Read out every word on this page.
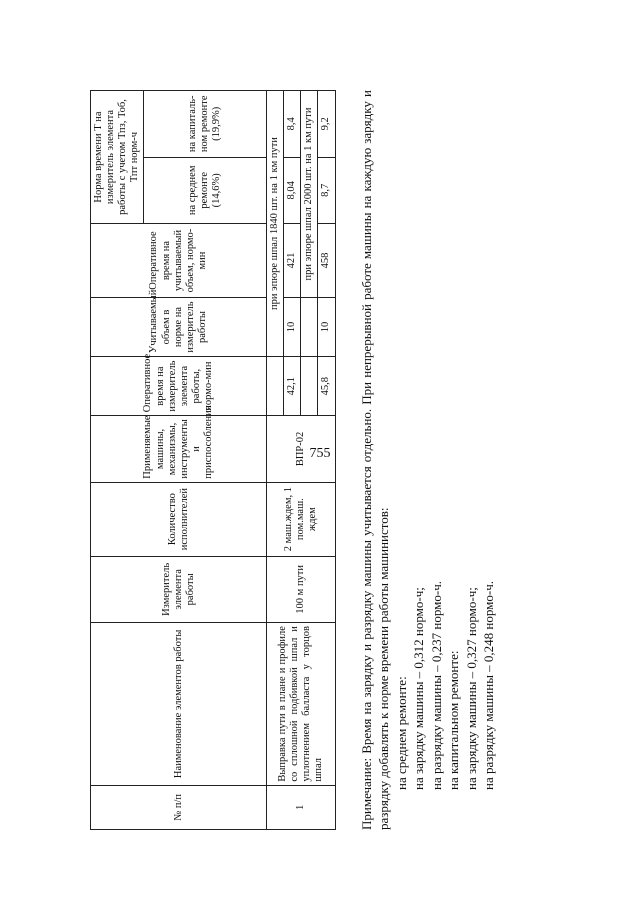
755
№ п/п	Наименование элементов работы	Измеритель элемента работы	Количество исполнителей	Применяемые машины, механизмы, инструменты и приспособления	Оперативное время на измеритель элемента работы, нормо-мин	Учитываемый объем в норме на измеритель работы	Оперативное время на учитываемый объем, нормо-мин	Норма времени Т на измеритель элемента работы с учетом Тпз, Тоб, Тпт норм-ч	
								на среднем ремонте (14,6%)	на капиталь-ном ремонте (19,9%)
1	Выправка пути в плане и профиле со сплошной подбивкой шпал и уплотнением балласта у торцов шпал	100 м пути	2 маш.ждем, 1 пом.маш. ждем	ВПР-02		при эпюре шпал 1840 шт. на 1 км пути			
					42,1	10	421	8,04	8,4
							при эпюре шпал 2000 шт. на 1 км пути		
					45,8	10	458	8,7	9,2 Примечание: Время на зарядку и разрядку машины учитывается отдельно. При непрерывной работе машины на каждую зарядку и разрядку добавлять к норме времени работы машинистов: на среднем ремонте: на зарядку машины – 0,312 нормо-ч; на разрядку машины – 0,237 нормо-ч. на капитальном ремонте: на зарядку машины – 0,327 нормо-ч; на разрядку машины – 0,248 нормо-ч.
